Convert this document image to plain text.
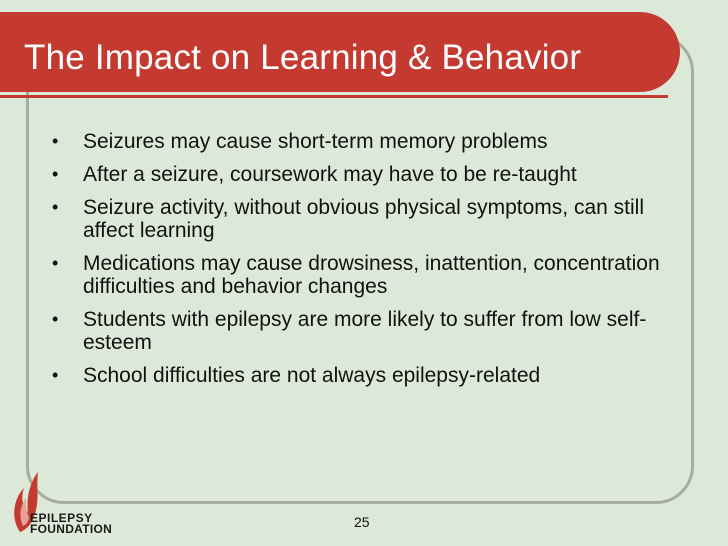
The Impact on Learning & Behavior
• Seizures may cause short-term memory problems
• After a seizure, coursework may have to be re-taught
• Seizure activity, without obvious physical symptoms, can still affect learning
• Medications may cause drowsiness, inattention, concentration difficulties and behavior changes
• Students with epilepsy are more likely to suffer from low self-esteem
• School difficulties are not always epilepsy-related
EPILEPSY
FOUNDATION	25
